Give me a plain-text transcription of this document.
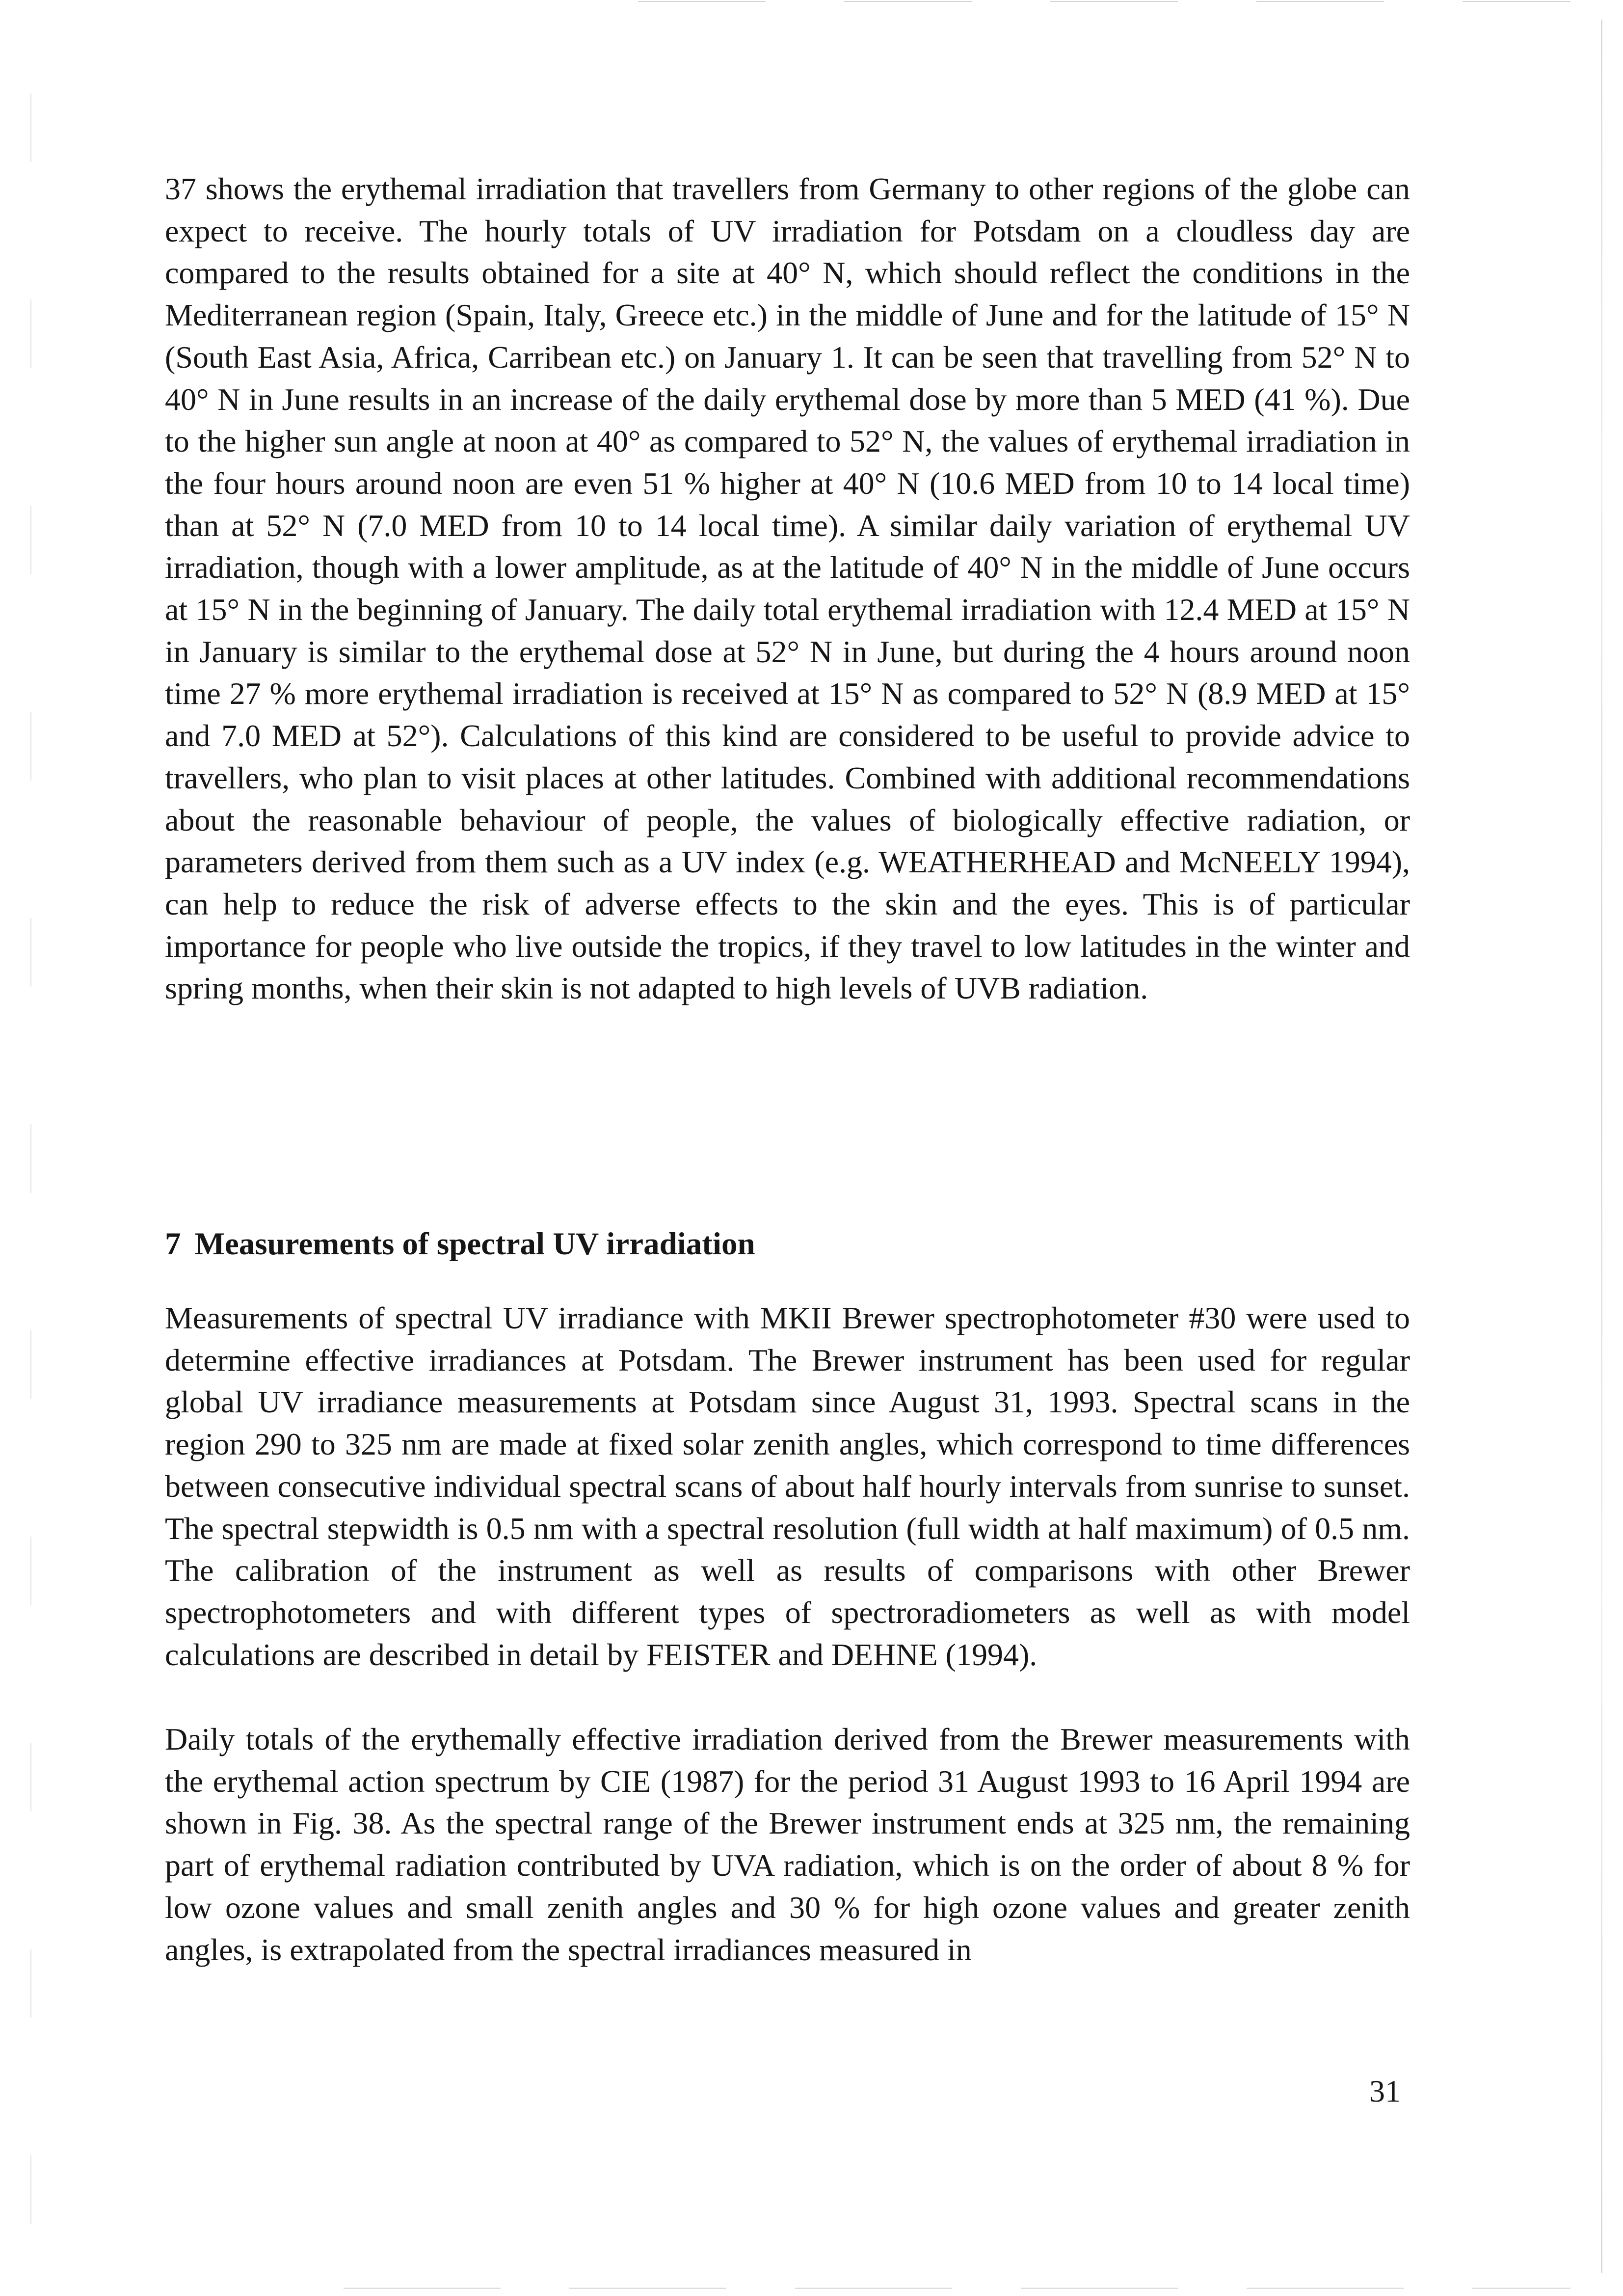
37 shows the erythemal irradiation that travellers from Germany to other regions of the globe can expect to receive. The hourly totals of UV irradiation for Potsdam on a cloudless day are compared to the results obtained for a site at 40° N, which should reflect the conditions in the Mediterranean region (Spain, Italy, Greece etc.) in the middle of June and for the latitude of 15° N (South East Asia, Africa, Carribean etc.) on January 1. It can be seen that travelling from 52° N to 40° N in June results in an increase of the daily erythemal dose by more than 5 MED (41 %). Due to the higher sun angle at noon at 40° as compared to 52° N, the values of erythemal irradiation in the four hours around noon are even 51 % higher at 40° N (10.6 MED from 10 to 14 local time) than at 52° N (7.0 MED from 10 to 14 local time). A similar daily variation of erythemal UV irradiation, though with a lower amplitude, as at the latitude of 40° N in the middle of June occurs at 15° N in the beginning of January. The daily total erythemal irradiation with 12.4 MED at 15° N in January is similar to the erythemal dose at 52° N in June, but during the 4 hours around noon time 27 % more erythemal irradiation is received at 15° N as compared to 52° N (8.9 MED at 15° and 7.0 MED at 52°). Calculations of this kind are considered to be useful to provide advice to travellers, who plan to visit places at other latitudes. Combined with additional recommendations about the reasonable behaviour of people, the values of biologically effective radiation, or parameters derived from them such as a UV index (e.g. WEATHERHEAD and McNEELY 1994), can help to reduce the risk of adverse effects to the skin and the eyes. This is of particular importance for people who live outside the tropics, if they travel to low latitudes in the winter and spring months, when their skin is not adapted to high levels of UVB radiation.

7 Measurements of spectral UV irradiation

Measurements of spectral UV irradiance with MKII Brewer spectrophotometer #30 were used to determine effective irradiances at Potsdam. The Brewer instrument has been used for regular global UV irradiance measurements at Potsdam since August 31, 1993. Spectral scans in the region 290 to 325 nm are made at fixed solar zenith angles, which correspond to time differences between consecutive individual spectral scans of about half hourly intervals from sunrise to sunset. The spectral stepwidth is 0.5 nm with a spectral resolution (full width at half maximum) of 0.5 nm. The calibration of the instrument as well as results of comparisons with other Brewer spectrophotometers and with different types of spectroradiometers as well as with model calculations are described in detail by FEISTER and DEHNE (1994).

Daily totals of the erythemally effective irradiation derived from the Brewer measurements with the erythemal action spectrum by CIE (1987) for the period 31 August 1993 to 16 April 1994 are shown in Fig. 38. As the spectral range of the Brewer instrument ends at 325 nm, the remaining part of erythemal radiation contributed by UVA radiation, which is on the order of about 8 % for low ozone values and small zenith angles and 30 % for high ozone values and greater zenith angles, is extrapolated from the spectral irradiances measured in

31
